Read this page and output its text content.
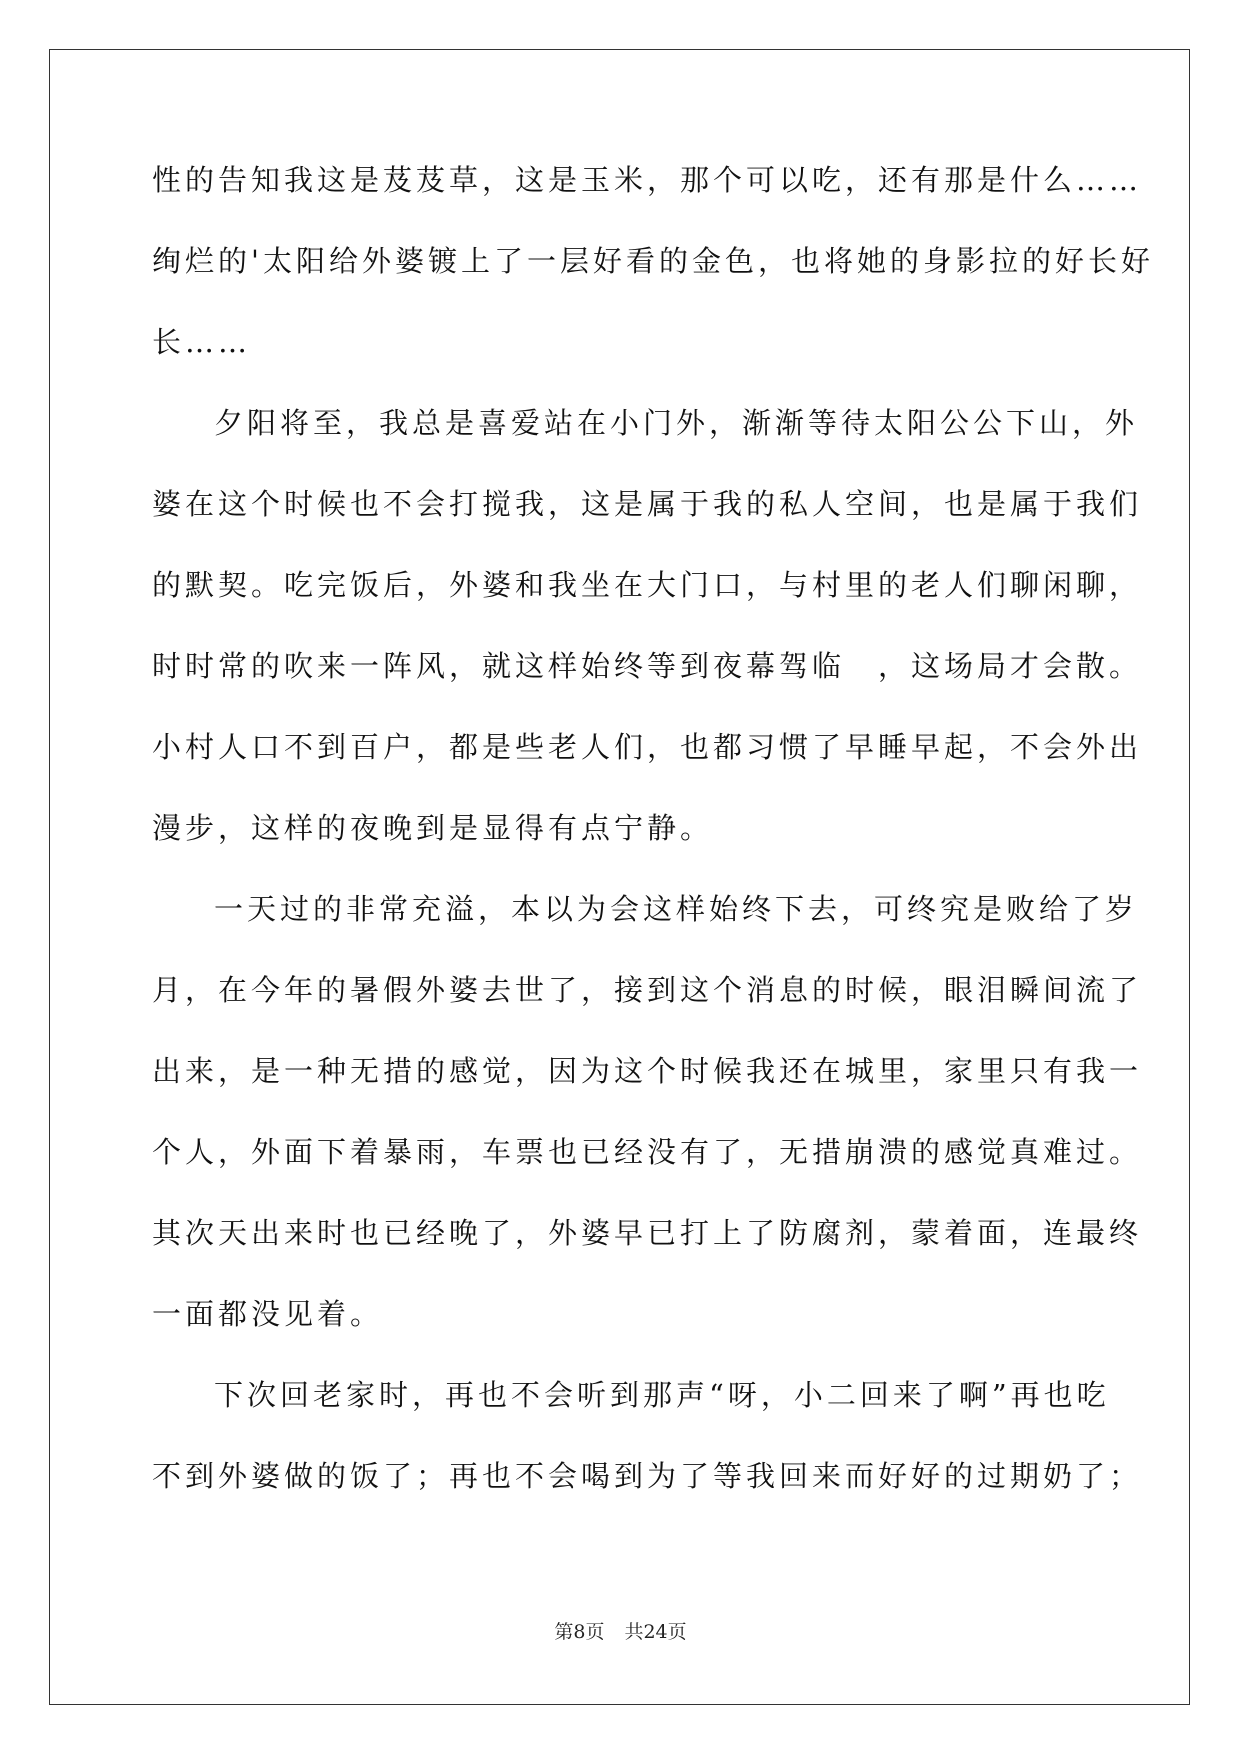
性的告知我这是芨芨草，这是玉米，那个可以吃，还有那是什么……
绚烂的'太阳给外婆镀上了一层好看的金色，也将她的身影拉的好长好
长……
夕阳将至，我总是喜爱站在小门外，渐渐等待太阳公公下山，外
婆在这个时候也不会打搅我，这是属于我的私人空间，也是属于我们
的默契。吃完饭后，外婆和我坐在大门口，与村里的老人们聊闲聊，
时时常的吹来一阵风，就这样始终等到夜幕驾临　，这场局才会散。
小村人口不到百户，都是些老人们，也都习惯了早睡早起，不会外出
漫步，这样的夜晚到是显得有点宁静。
一天过的非常充溢，本以为会这样始终下去，可终究是败给了岁
月，在今年的暑假外婆去世了，接到这个消息的时候，眼泪瞬间流了
出来，是一种无措的感觉，因为这个时候我还在城里，家里只有我一
个人，外面下着暴雨，车票也已经没有了，无措崩溃的感觉真难过。
其次天出来时也已经晚了，外婆早已打上了防腐剂，蒙着面，连最终
一面都没见着。
下次回老家时，再也不会听到那声“呀，小二回来了啊”再也吃
不到外婆做的饭了；再也不会喝到为了等我回来而好好的过期奶了；
第8页 共24页
